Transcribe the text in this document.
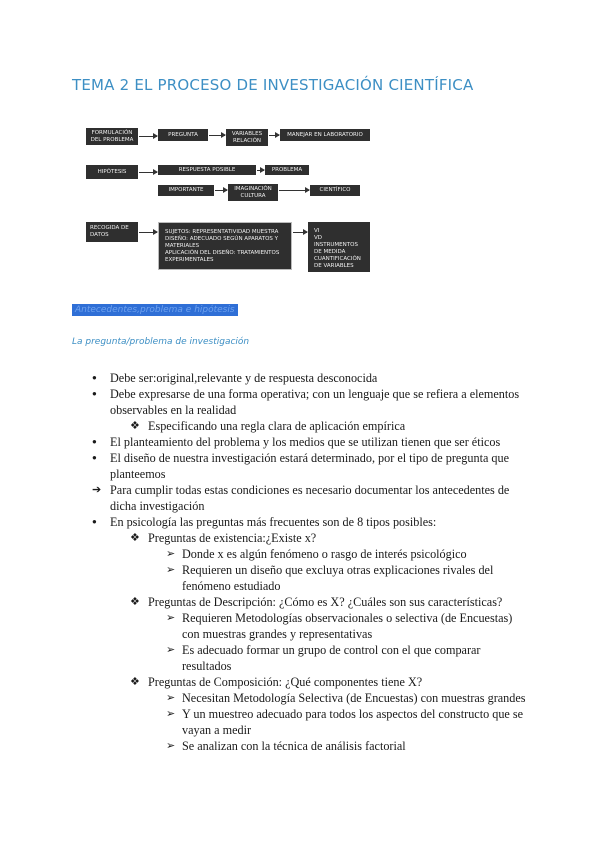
TEMA 2 EL PROCESO DE INVESTIGACIÓN CIENTÍFICA
FORMULACIÓN DEL PROBLEMA
PREGUNTA	VARIABLES RELACIÓN
MANEJAR EN LABORATORIO
HIPÓTESIS	RESPUESTA POSIBLE	PROBLEMA
IMPORTANTE	IMAGINACIÓN CULTURA
CIENTÍFICO
RECOGIDA DE DATOS	SUJETOS: REPRESENTATIVIDAD MUESTRA
DISEÑO: ADECUADO SEGÚN APARATOS Y MATERIALES
APLICACIÓN DEL DISEÑO: TRATAMIENTOS EXPERIMENTALES
VI
VD
INSTRUMENTOS DE MEDIDA
CUANTIFICACIÓN DE VARIABLES
Antecedentes,problema e hipótesis
La pregunta/problema de investigación
● Debe ser:original,relevante y de respuesta desconocida
● Debe expresarse de una forma operativa; con un lenguaje que se refiera a elementos
observables en la realidad
❖ Especificando una regla clara de aplicación empírica
● El planteamiento del problema y los medios que se utilizan tienen que ser éticos
● El diseño de nuestra investigación estará determinado, por el tipo de pregunta que
planteemos
➔ Para cumplir todas estas condiciones es necesario documentar los antecedentes de
dicha investigación
● En psicología las preguntas más frecuentes son de 8 tipos posibles:
❖ Preguntas de existencia:¿Existe x?
➢ Donde x es algún fenómeno o rasgo de interés psicológico
➢ Requieren un diseño que excluya otras explicaciones rivales del
fenómeno estudiado
❖ Preguntas de Descripción: ¿Cómo es X? ¿Cuáles son sus características?
➢ Requieren Metodologías observacionales o selectiva (de Encuestas)
con muestras grandes y representativas
➢ Es adecuado formar un grupo de control con el que comparar
resultados
❖ Preguntas de Composición: ¿Qué componentes tiene X?
➢ Necesitan Metodología Selectiva (de Encuestas) con muestras grandes
➢ Y un muestreo adecuado para todos los aspectos del constructo que se
vayan a medir
➢ Se analizan con la técnica de análisis factorial
